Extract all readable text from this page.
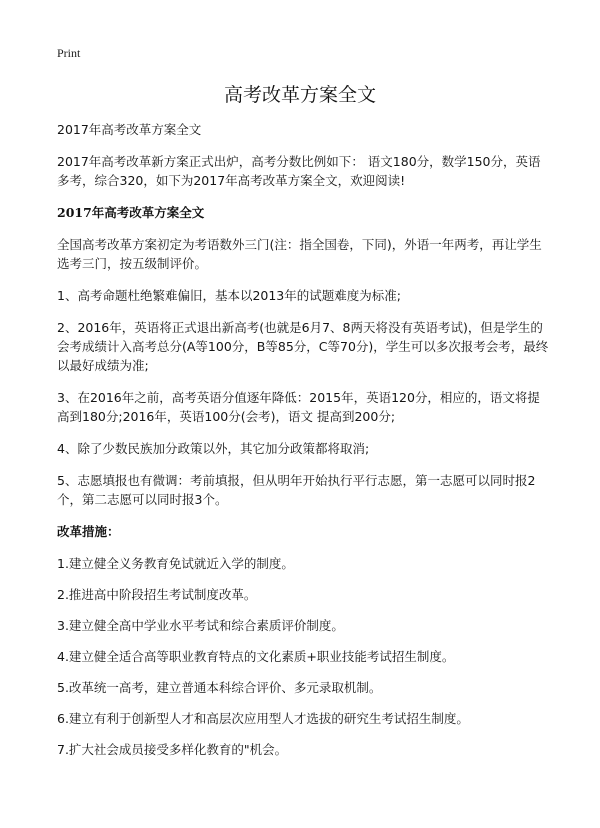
Print
高考改革方案全文

2017年高考改革方案全文

2017年高考改革新方案正式出炉，高考分数比例如下： 语文180分，数学150分，英语多考，综合320，如下为2017年高考改革方案全文，欢迎阅读!

2017年高考改革方案全文

全国高考改革方案初定为考语数外三门(注：指全国卷，下同)，外语一年两考，再让学生选考三门，按五级制评价。

1、高考命题杜绝繁难偏旧，基本以2013年的试题难度为标准;

2、2016年，英语将正式退出新高考(也就是6月7、8两天将没有英语考试)，但是学生的会考成绩计入高考总分(A等100分，B等85分，C等70分)，学生可以多次报考会考，最终以最好成绩为准;

3、在2016年之前，高考英语分值逐年降低：2015年，英语120分，相应的，语文将提高到180分;2016年，英语100分(会考)，语文 提高到200分;

4、除了少数民族加分政策以外，其它加分政策都将取消;

5、志愿填报也有微调：考前填报，但从明年开始执行平行志愿，第一志愿可以同时报2个，第二志愿可以同时报3个。

改革措施：

1.建立健全义务教育免试就近入学的制度。

2.推进高中阶段招生考试制度改革。

3.建立健全高中学业水平考试和综合素质评价制度。

4.建立健全适合高等职业教育特点的文化素质+职业技能考试招生制度。

5.改革统一高考，建立普通本科综合评价、多元录取机制。

6.建立有利于创新型人才和高层次应用型人才选拔的研究生考试招生制度。

7.扩大社会成员接受多样化教育的"机会。
